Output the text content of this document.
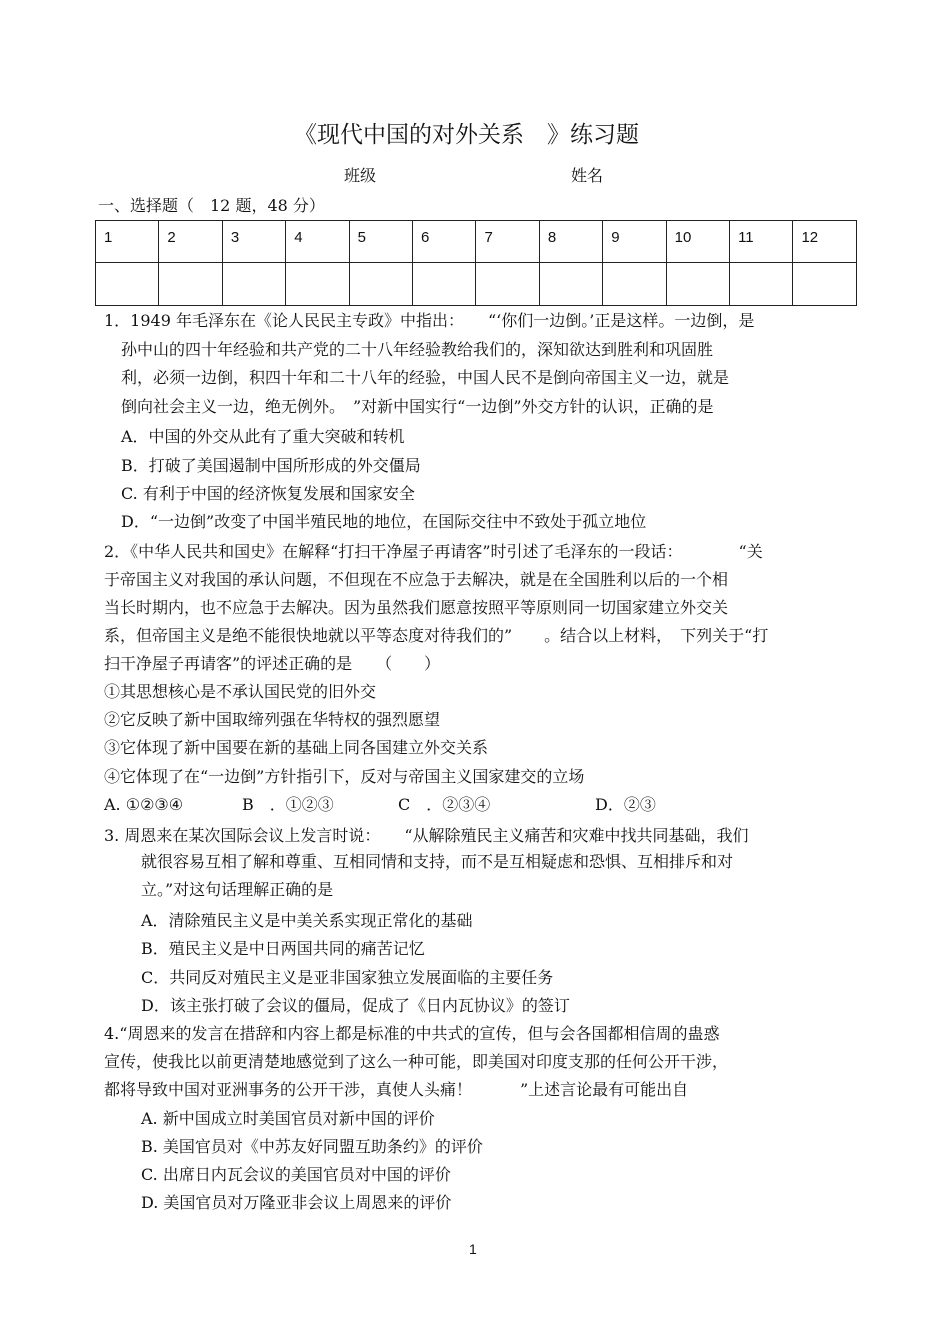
《现代中国的对外关系　》练习题
班级	姓名
一、选择题（　12 题，48 分）
1	2	3	4	5	6	7	8	9	10	11	12

1．1949 年毛泽东在《论人民民主专政》中指出：　　“‘你们一边倒。’正是这样。一边倒，是
孙中山的四十年经验和共产党的二十八年经验教给我们的，深知欲达到胜利和巩固胜
利，必须一边倒，积四十年和二十八年的经验，中国人民不是倒向帝国主义一边，就是
倒向社会主义一边，绝无例外。　”对新中国实行“一边倒”外交方针的认识，正确的是
A．中国的外交从此有了重大突破和转机
B．打破了美国遏制中国所形成的外交僵局
C. 有利于中国的经济恢复发展和国家安全
D．“一边倒”改变了中国半殖民地的地位，在国际交往中不致处于孤立地位
2．《中华人民共和国史》在解释“打扫干净屋子再请客”时引述了毛泽东的一段话：　　　　“关
于帝国主义对我国的承认问题，不但现在不应急于去解决，就是在全国胜利以后的一个相
当长时期内，也不应急于去解决。因为虽然我们愿意按照平等原则同一切国家建立外交关
系，但帝国主义是绝不能很快地就以平等态度对待我们的”　　。结合以上材料，　下列关于“打
扫干净屋子再请客”的评述正确的是　　（　　）
①其思想核心是不承认国民党的旧外交
②它反映了新中国取缔列强在华特权的强烈愿望
③它体现了新中国要在新的基础上同各国建立外交关系
④它体现了在“一边倒”方针指引下，反对与帝国主义国家建交的立场
A. ①②③④	B　．①②③	C　．②③④	D．②③
3. 周恩来在某次国际会议上发言时说：　　“从解除殖民主义痛苦和灾难中找共同基础，我们
就很容易互相了解和尊重、互相同情和支持，而不是互相疑虑和恐惧、互相排斥和对
立。”对这句话理解正确的是
A．清除殖民主义是中美关系实现正常化的基础
B．殖民主义是中日两国共同的痛苦记忆
C．共同反对殖民主义是亚非国家独立发展面临的主要任务
D．该主张打破了会议的僵局，促成了《日内瓦协议》的签订
4.“周恩来的发言在措辞和内容上都是标准的中共式的宣传，但与会各国都相信周的蛊惑
宣传，使我比以前更清楚地感觉到了这么一种可能，即美国对印度支那的任何公开干涉，
都将导致中国对亚洲事务的公开干涉，真使人头痛！　　　”上述言论最有可能出自
A. 新中国成立时美国官员对新中国的评价
B. 美国官员对《中苏友好同盟互助条约》的评价
C. 出席日内瓦会议的美国官员对中国的评价
D. 美国官员对万隆亚非会议上周恩来的评价
1
